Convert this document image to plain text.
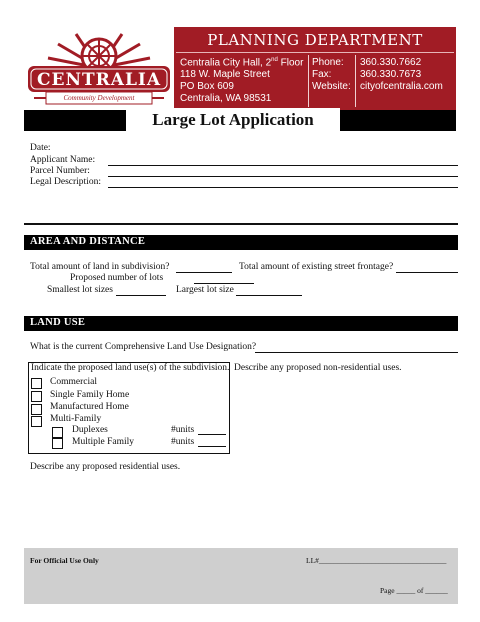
CENTRALIA
Community Development
PLANNING DEPARTMENT
Centralia City Hall, 2nd Floor
118 W. Maple Street
PO Box 609
Centralia, WA 98531
Phone: 360.330.7662
Fax:	360.330.7673
Website: cityofcentralia.com
Large Lot Application
Date:
Applicant Name:
Parcel Number:
Legal Description:
AREA AND DISTANCE
Total amount of land in subdivision?	Total amount of existing street frontage?
Proposed number of lots
Smallest lot sizes	Largest lot size
LAND USE
What is the current Comprehensive Land Use Designation?
Indicate the proposed land use(s) of the subdivision.
Commercial
Single Family Home
Manufactured Home
Multi-Family
Duplexes	#units
Multiple Family	#units
Describe any proposed non-residential uses.
Describe any proposed residential uses.
For Official Use Only	LL#__________________________________
Page _____ of ______
